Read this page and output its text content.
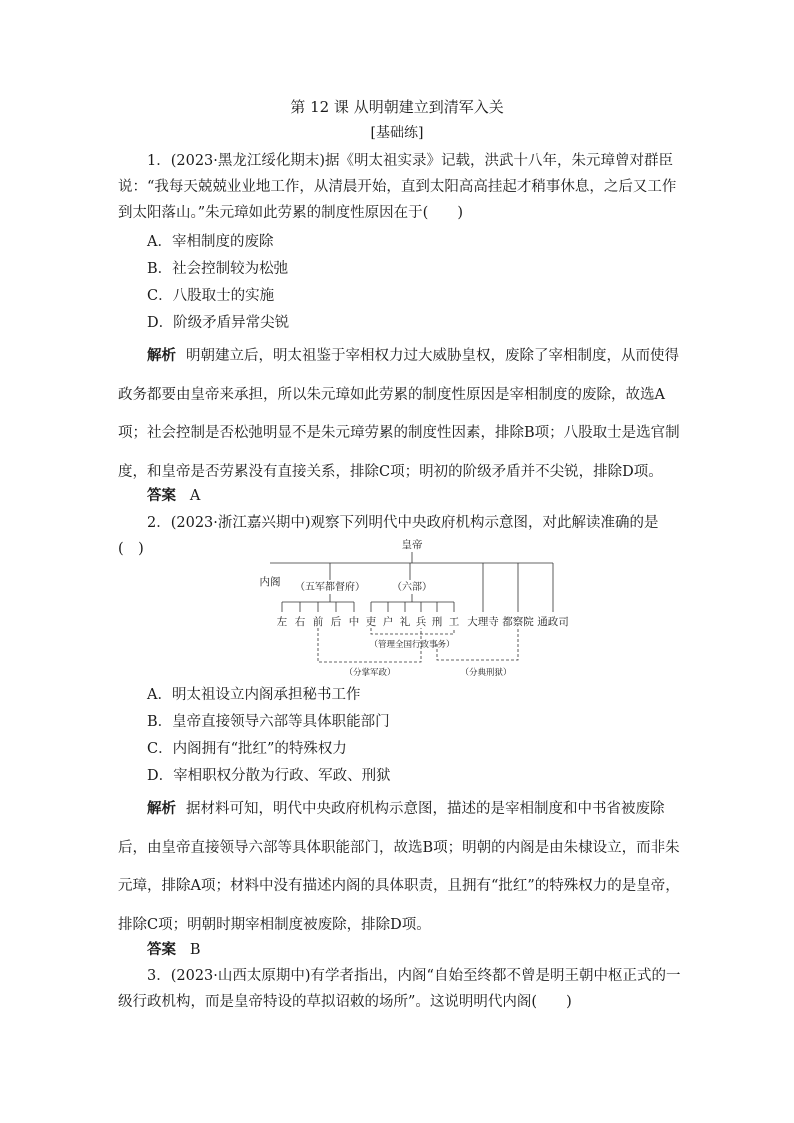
第 12 课 从明朝建立到清军入关
[基础练]

1．(2023·黑龙江绥化期末)据《明太祖实录》记载，洪武十八年，朱元璋曾对群臣说：“我每天兢兢业业地工作，从清晨开始，直到太阳高高挂起才稍事休息，之后又工作到太阳落山。”朱元璋如此劳累的制度性原因在于(　　)

A．宰相制度的废除
B．社会控制较为松弛
C．八股取士的实施
D．阶级矛盾异常尖锐

解析 明朝建立后，明太祖鉴于宰相权力过大威胁皇权，废除了宰相制度，从而使得政务都要由皇帝来承担，所以朱元璋如此劳累的制度性原因是宰相制度的废除，故选A项；社会控制是否松弛明显不是朱元璋劳累的制度性因素，排除B项；八股取士是选官制度，和皇帝是否劳累没有直接关系，排除C项；明初的阶级矛盾并不尖锐，排除D项。

答案 A

2．(2023·浙江嘉兴期中)观察下列明代中央政府机构示意图，对此解读准确的是(　)	皇帝
内阁 （五军都督府）	（六部）
左 右 前 后 中 吏 户 礼 兵 刑 工 大理寺 都察院 通政司
（管理全国行政事务）
（分掌军政）	（分典刑狱）
A．明太祖设立内阁承担秘书工作
B．皇帝直接领导六部等具体职能部门
C．内阁拥有“批红”的特殊权力
D．宰相职权分散为行政、军政、刑狱

解析 据材料可知，明代中央政府机构示意图，描述的是宰相制度和中书省被废除后，由皇帝直接领导六部等具体职能部门，故选B项；明朝的内阁是由朱棣设立，而非朱元璋，排除A项；材料中没有描述内阁的具体职责，且拥有“批红”的特殊权力的是皇帝，排除C项；明朝时期宰相制度被废除，排除D项。

答案 B

3．(2023·山西太原期中)有学者指出，内阁“自始至终都不曾是明王朝中枢正式的一级行政机构，而是皇帝特设的草拟诏敕的场所”。这说明明代内阁(　　)
